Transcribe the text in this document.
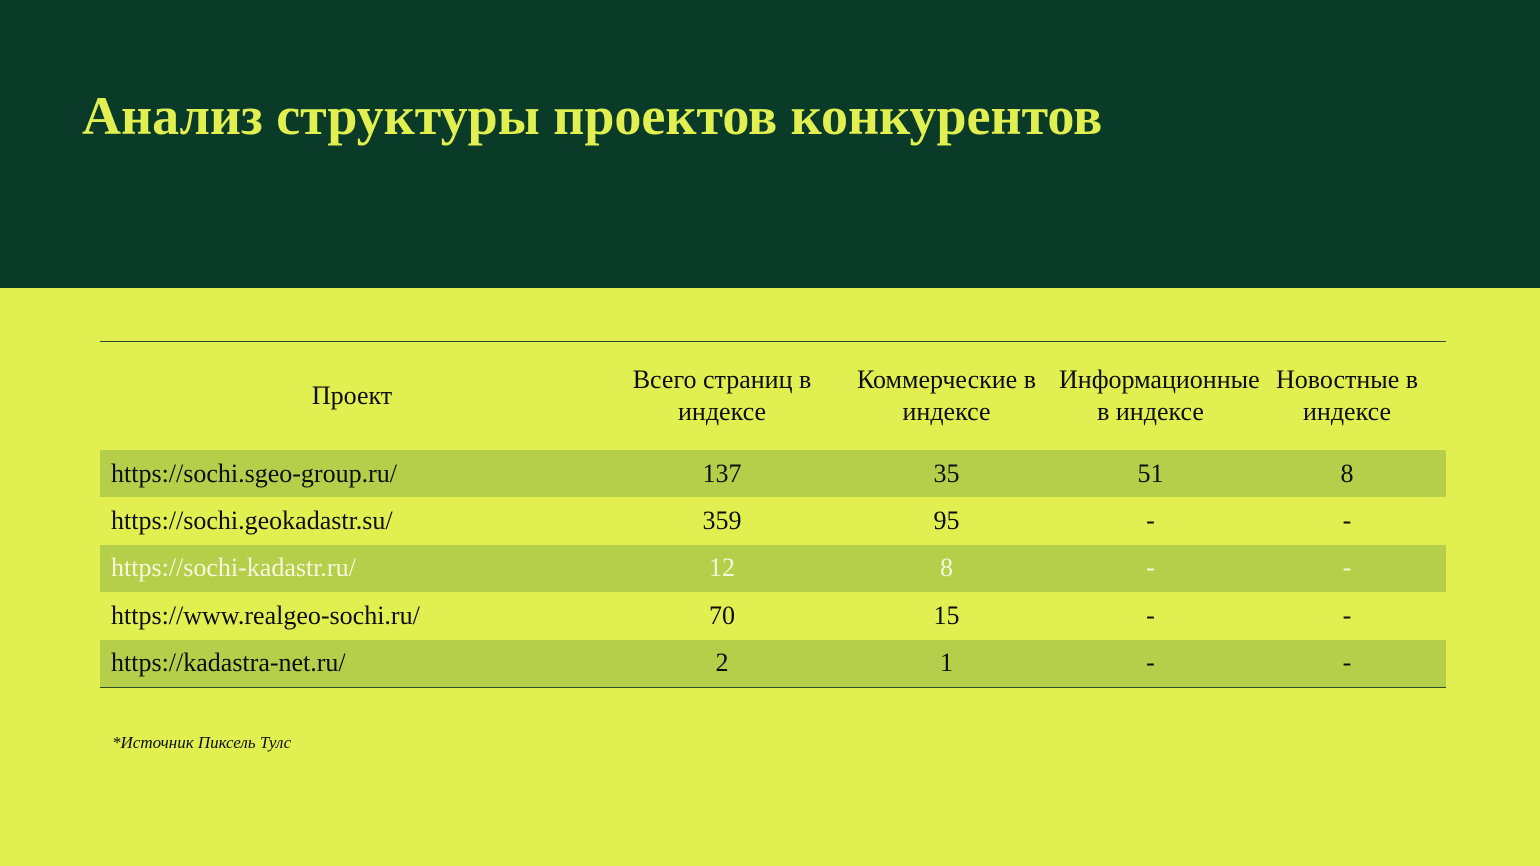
Анализ структуры проектов конкурентов
Проект	Всего страниц в индексе	Коммерческие в индексе	Информационные в индексе	Новостные в индексе
https://sochi.sgeo-group.ru/	137	35	51	8
https://sochi.geokadastr.su/	359	95	-	-
https://sochi-kadastr.ru/	12	8	-	-
https://www.realgeo-sochi.ru/	70	15	-	-
https://kadastra-net.ru/	2	1	-	-
*Источник Пиксель Тулс
